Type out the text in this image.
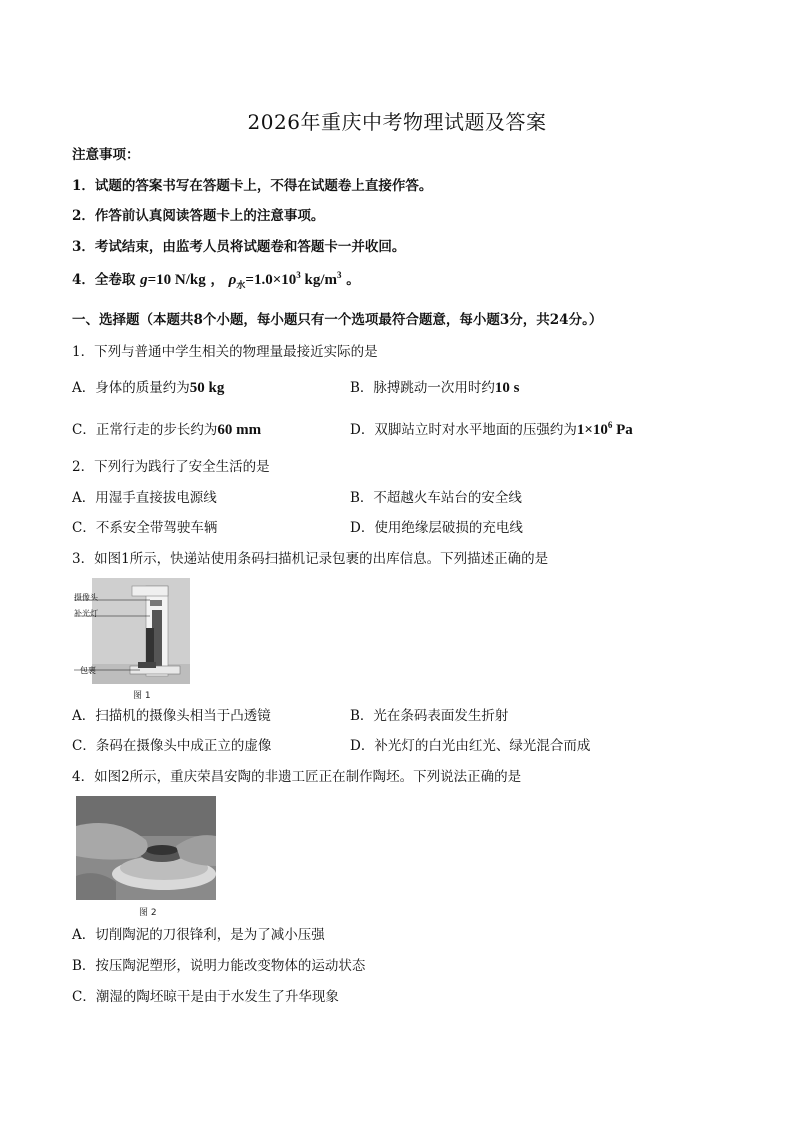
2026年重庆中考物理试题及答案
注意事项：
1．试题的答案书写在答题卡上，不得在试题卷上直接作答。
2．作答前认真阅读答题卡上的注意事项。
3．考试结束，由监考人员将试题卷和答题卡一并收回。
4．全卷取 g=10 N/kg ， $\rho_水=1.0\times 10^3$ $kg/m^3$ 。
一、选择题（本题共8个小题，每小题只有一个选项最符合题意，每小题3分，共24分。）
1．下列与普通中学生相关的物理量最接近实际的是
A．身体的质量约为50 kg	B．脉搏跳动一次用时约10 s
C．正常行走的步长约为60 mm	D．双脚站立时对水平地面的压强约为$1\times 10^6$ Pa
2．下列行为践行了安全生活的是
A．用湿手直接拔电源线	B．不超越火车站台的安全线
C．不系安全带驾驶车辆	D．使用绝缘层破损的充电线
3．如图1所示，快递站使用条码扫描机记录包裹的出库信息。下列描述正确的是
摄像头
补光灯
包裹
图 1
A．扫描机的摄像头相当于凸透镜	B．光在条码表面发生折射
C．条码在摄像头中成正立的虚像	D．补光灯的白光由红光、绿光混合而成
4．如图2所示，重庆荣昌安陶的非遗工匠正在制作陶坯。下列说法正确的是
图 2
A．切削陶泥的刀很锋利，是为了减小压强
B．按压陶泥塑形，说明力能改变物体的运动状态
C．潮湿的陶坯晾干是由于水发生了升华现象
